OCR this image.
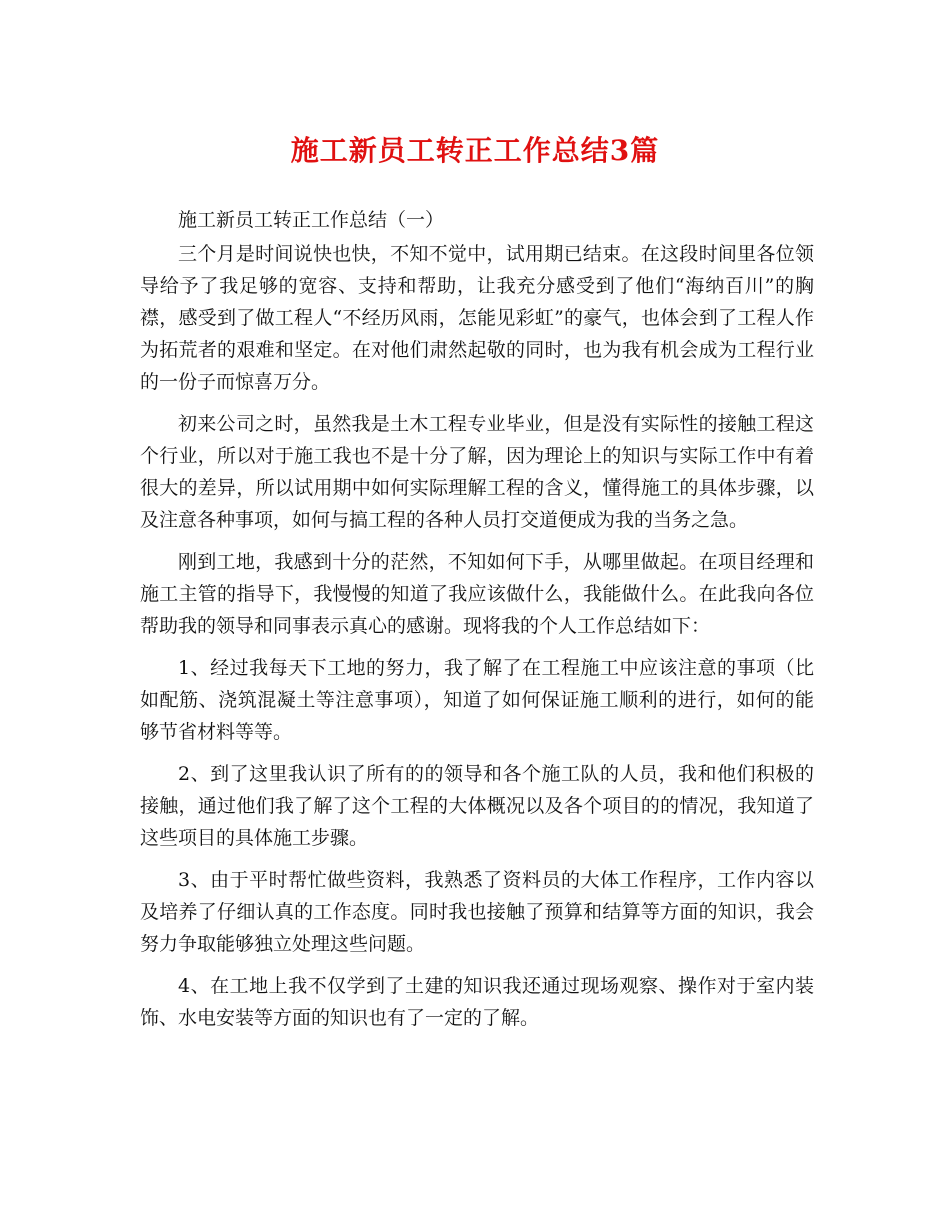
施工新员工转正工作总结3篇

施工新员工转正工作总结（一）

三个月是时间说快也快，不知不觉中，试用期已结束。在这段时间里各位领导给予了我足够的宽容、支持和帮助，让我充分感受到了他们“海纳百川”的胸襟，感受到了做工程人“不经历风雨，怎能见彩虹”的豪气，也体会到了工程人作为拓荒者的艰难和坚定。在对他们肃然起敬的同时，也为我有机会成为工程行业的一份子而惊喜万分。

初来公司之时，虽然我是土木工程专业毕业，但是没有实际性的接触工程这个行业，所以对于施工我也不是十分了解，因为理论上的知识与实际工作中有着很大的差异，所以试用期中如何实际理解工程的含义，懂得施工的具体步骤，以及注意各种事项，如何与搞工程的各种人员打交道便成为我的当务之急。

刚到工地，我感到十分的茫然，不知如何下手，从哪里做起。在项目经理和施工主管的指导下，我慢慢的知道了我应该做什么，我能做什么。在此我向各位帮助我的领导和同事表示真心的感谢。现将我的个人工作总结如下：

1、经过我每天下工地的努力，我了解了在工程施工中应该注意的事项（比如配筋、浇筑混凝土等注意事项），知道了如何保证施工顺利的进行，如何的能够节省材料等等。

2、到了这里我认识了所有的的领导和各个施工队的人员，我和他们积极的接触，通过他们我了解了这个工程的大体概况以及各个项目的的情况，我知道了这些项目的具体施工步骤。

3、由于平时帮忙做些资料，我熟悉了资料员的大体工作程序，工作内容以及培养了仔细认真的工作态度。同时我也接触了预算和结算等方面的知识，我会努力争取能够独立处理这些问题。

4、在工地上我不仅学到了土建的知识我还通过现场观察、操作对于室内装饰、水电安装等方面的知识也有了一定的了解。
